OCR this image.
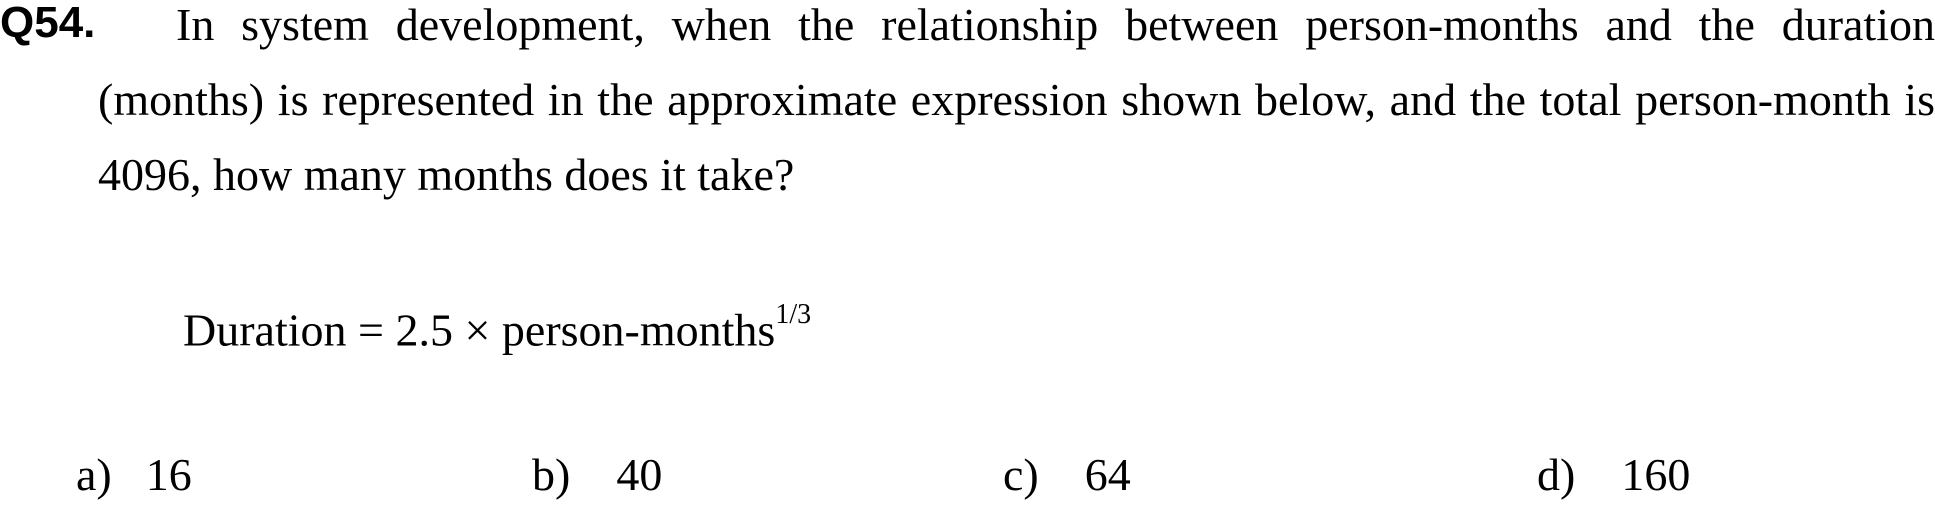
Q54.	In system development, when the relationship between person-months and the duration (months) is represented in the approximate expression shown below, and the total person-month is 4096, how many months does it take?
Duration = 2.5 × person-months$^{1/3}$
a) 16	b) 40	c) 64	d) 160
